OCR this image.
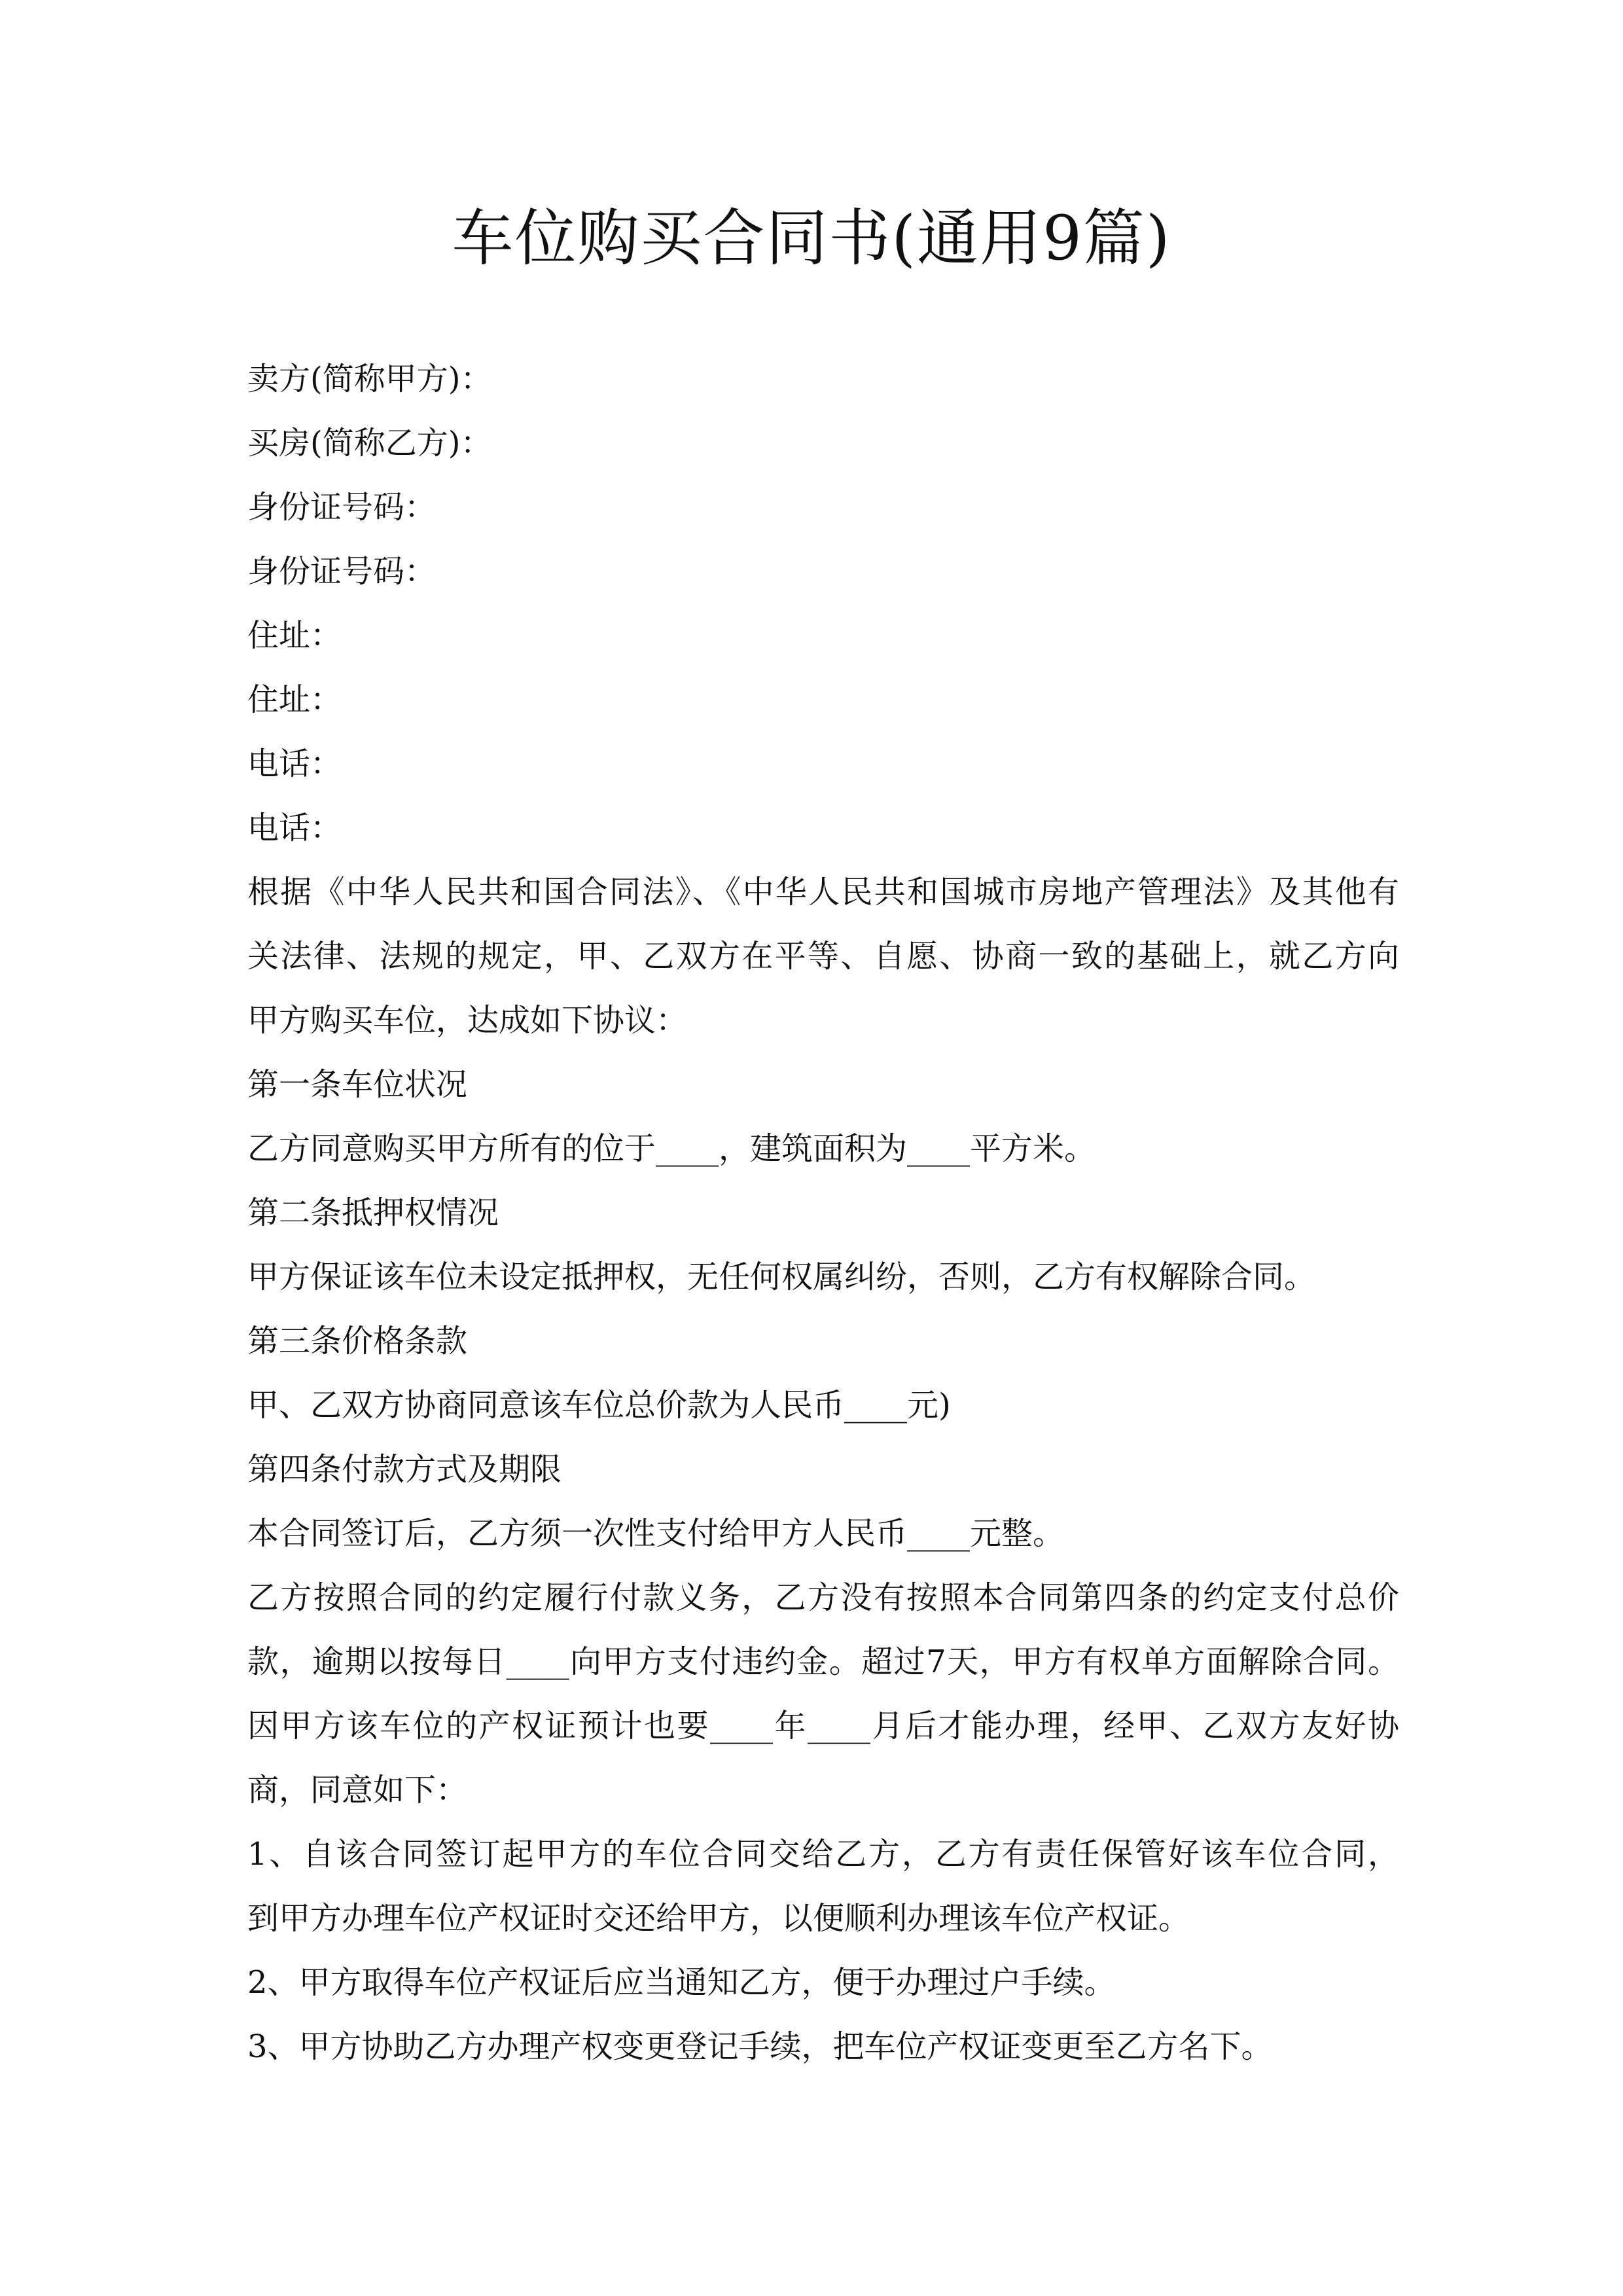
车位购买合同书(通用9篇)
卖方(简称甲方)：
买房(简称乙方)：
身份证号码：
身份证号码：
住址：
住址：
电话：
电话：
根据《中华人民共和国合同法》、《中华人民共和国城市房地产管理法》及其他有
关法律、法规的规定，甲、乙双方在平等、自愿、协商一致的基础上，就乙方向
甲方购买车位，达成如下协议：
第一条车位状况
乙方同意购买甲方所有的位于____，建筑面积为____平方米。
第二条抵押权情况
甲方保证该车位未设定抵押权，无任何权属纠纷，否则，乙方有权解除合同。
第三条价格条款
甲、乙双方协商同意该车位总价款为人民币____元)
第四条付款方式及期限
本合同签订后，乙方须一次性支付给甲方人民币____元整。
乙方按照合同的约定履行付款义务，乙方没有按照本合同第四条的约定支付总价
款，逾期以按每日____向甲方支付违约金。超过7天，甲方有权单方面解除合同。
因甲方该车位的产权证预计也要____年____月后才能办理，经甲、乙双方友好协
商，同意如下：
1、自该合同签订起甲方的车位合同交给乙方，乙方有责任保管好该车位合同，
到甲方办理车位产权证时交还给甲方，以便顺利办理该车位产权证。
2、甲方取得车位产权证后应当通知乙方，便于办理过户手续。
3、甲方协助乙方办理产权变更登记手续，把车位产权证变更至乙方名下。
